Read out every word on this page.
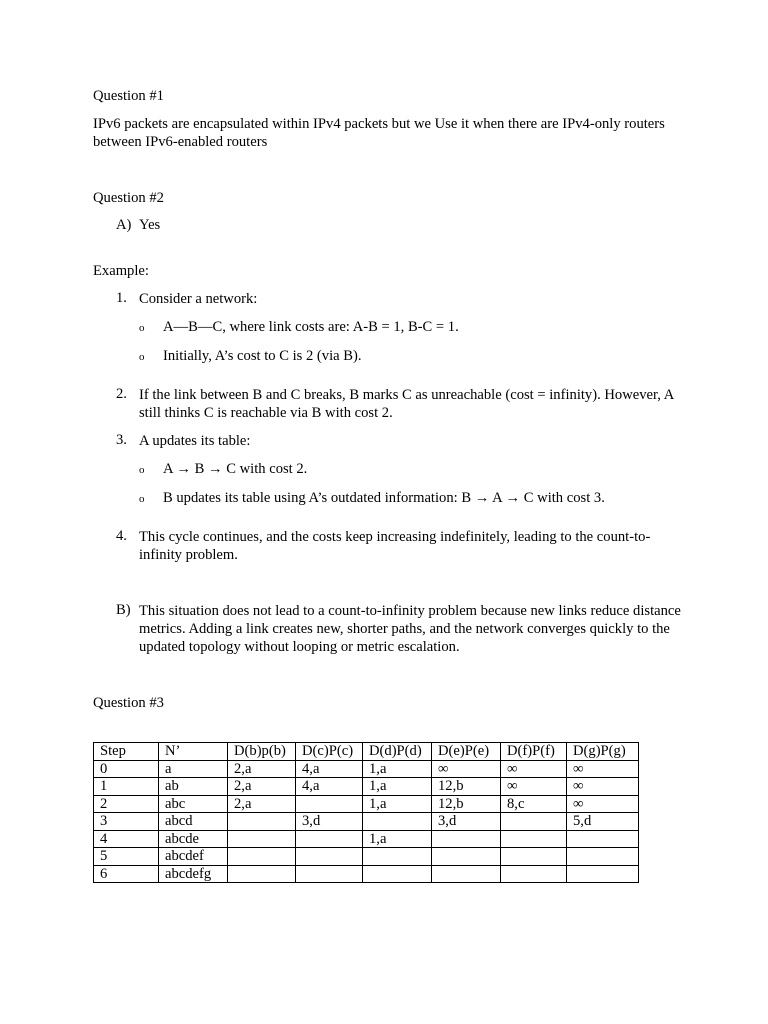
Question #1

IPv6 packets are encapsulated within IPv4 packets but we Use it when there are IPv4-only routers between IPv6-enabled routers

Question #2

A) Yes

Example:

1. Consider a network:
o	A—B—C, where link costs are: A-B = 1, B-C = 1.
o	Initially, A’s cost to C is 2 (via B).
2. If the link between B and C breaks, B marks C as unreachable (cost = infinity). However, A still thinks C is reachable via B with cost 2.
3. A updates its table:
o	A → B → C with cost 2.
o	B updates its table using A’s outdated information: B → A → C with cost 3.
4. This cycle continues, and the costs keep increasing indefinitely, leading to the count-to-infinity problem.
B) This situation does not lead to a count-to-infinity problem because new links reduce distance metrics. Adding a link creates new, shorter paths, and the network converges quickly to the updated topology without looping or metric escalation.

Question #3

Step	N’	D(b)p(b)	D(c)P(c)	D(d)P(d)	D(e)P(e)	D(f)P(f)	D(g)P(g)
0	a	2,a	4,a	1,a	∞	∞	∞
1	ab	2,a	4,a	1,a	12,b	∞	∞
2	abc	2,a		1,a	12,b	8,c	∞
3	abcd		3,d		3,d		5,d
4	abcde			1,a			
5	abcdef						
6	abcdefg						
